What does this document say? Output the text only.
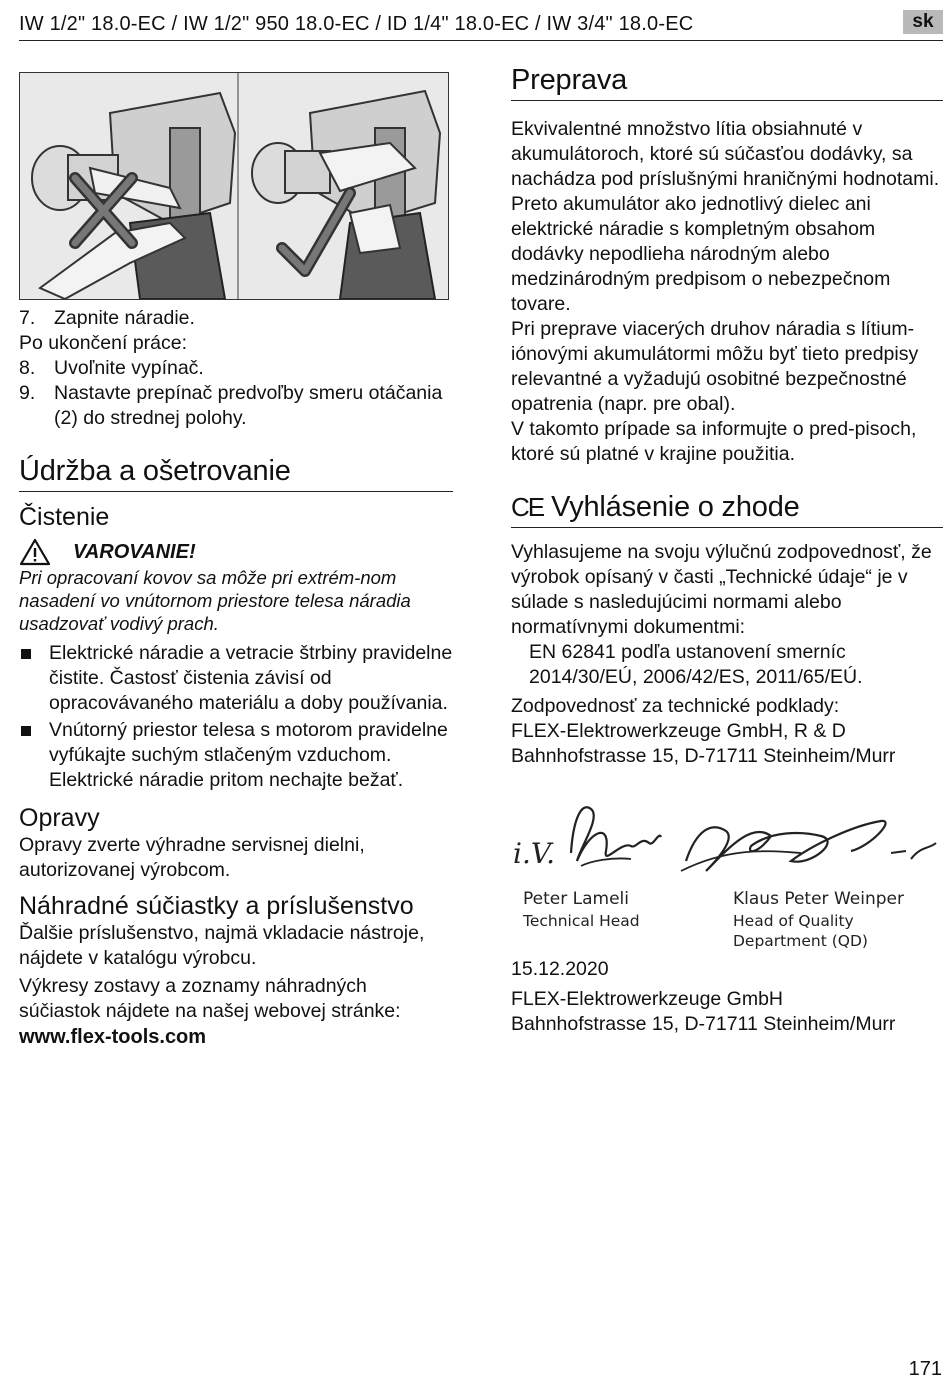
IW 1/2" 18.0-EC / IW 1/2" 950 18.0-EC / ID 1/4" 18.0-EC / IW 3/4" 18.0-EC	sk
7. Zapnite náradie.

Po ukončení práce:

8. Uvoľnite vypínač.
9. Nastavte prepínač predvoľby smeru otáčania (2) do strednej polohy.
Údržba a ošetrovanie
Čistenie
VAROVANIE!

Pri opracovaní kovov sa môže pri extrém-nom nasadení vo vnútornom priestore telesa náradia usadzovať vodivý prach.

Elektrické náradie a vetracie štrbiny pravidelne čistite. Častosť čistenia závisí od opracovávaného materiálu a doby používania.
Vnútorný priestor telesa s motorom pravidelne vyfúkajte suchým stlačeným vzduchom. Elektrické náradie pritom nechajte bežať.
Opravy

Opravy zverte výhradne servisnej dielni, autorizovanej výrobcom.

Náhradné súčiastky a príslušenstvo

Ďalšie príslušenstvo, najmä vkladacie nástroje, nájdete v katalógu výrobcu.

Výkresy zostavy a zoznamy náhradných súčiastok nájdete na našej webovej stránke:

www.flex-tools.com
Preprava

Ekvivalentné množstvo lítia obsiahnuté v akumulátoroch, ktoré sú súčasťou dodávky, sa nachádza pod príslušnými hraničnými hodnotami. Preto akumulátor ako jednotlivý dielec ani elektrické náradie s kompletným obsahom dodávky nepodlieha národným alebo medzinárodným predpisom o nebezpečnom tovare.

Pri preprave viacerých druhov náradia s lítium-iónovými akumulátormi môžu byť tieto predpisy relevantné a vyžadujú osobitné bezpečnostné opatrenia (napr. pre obal).

V takomto prípade sa informujte o pred-pisoch, ktoré sú platné v krajine použitia.

CE Vyhlásenie o zhode

Vyhlasujeme na svoju výlučnú zodpovednosť, že výrobok opísaný v časti „Technické údaje“ je v súlade s nasledujúcimi normami alebo normatívnymi dokumentmi:

EN 62841 podľa ustanovení smerníc 2014/30/EÚ, 2006/42/ES, 2011/65/EÚ.

Zodpovednosť za technické podklady:

FLEX-Elektrowerkzeuge GmbH, R & D

Bahnhofstrasse 15, D-71711 Steinheim/Murr

i.V.
Peter Lameli
Technical Head
Klaus Peter Weinper
Head of Quality Department (QD)

15.12.2020

FLEX-Elektrowerkzeuge GmbH

Bahnhofstrasse 15, D-71711 Steinheim/Murr

171
